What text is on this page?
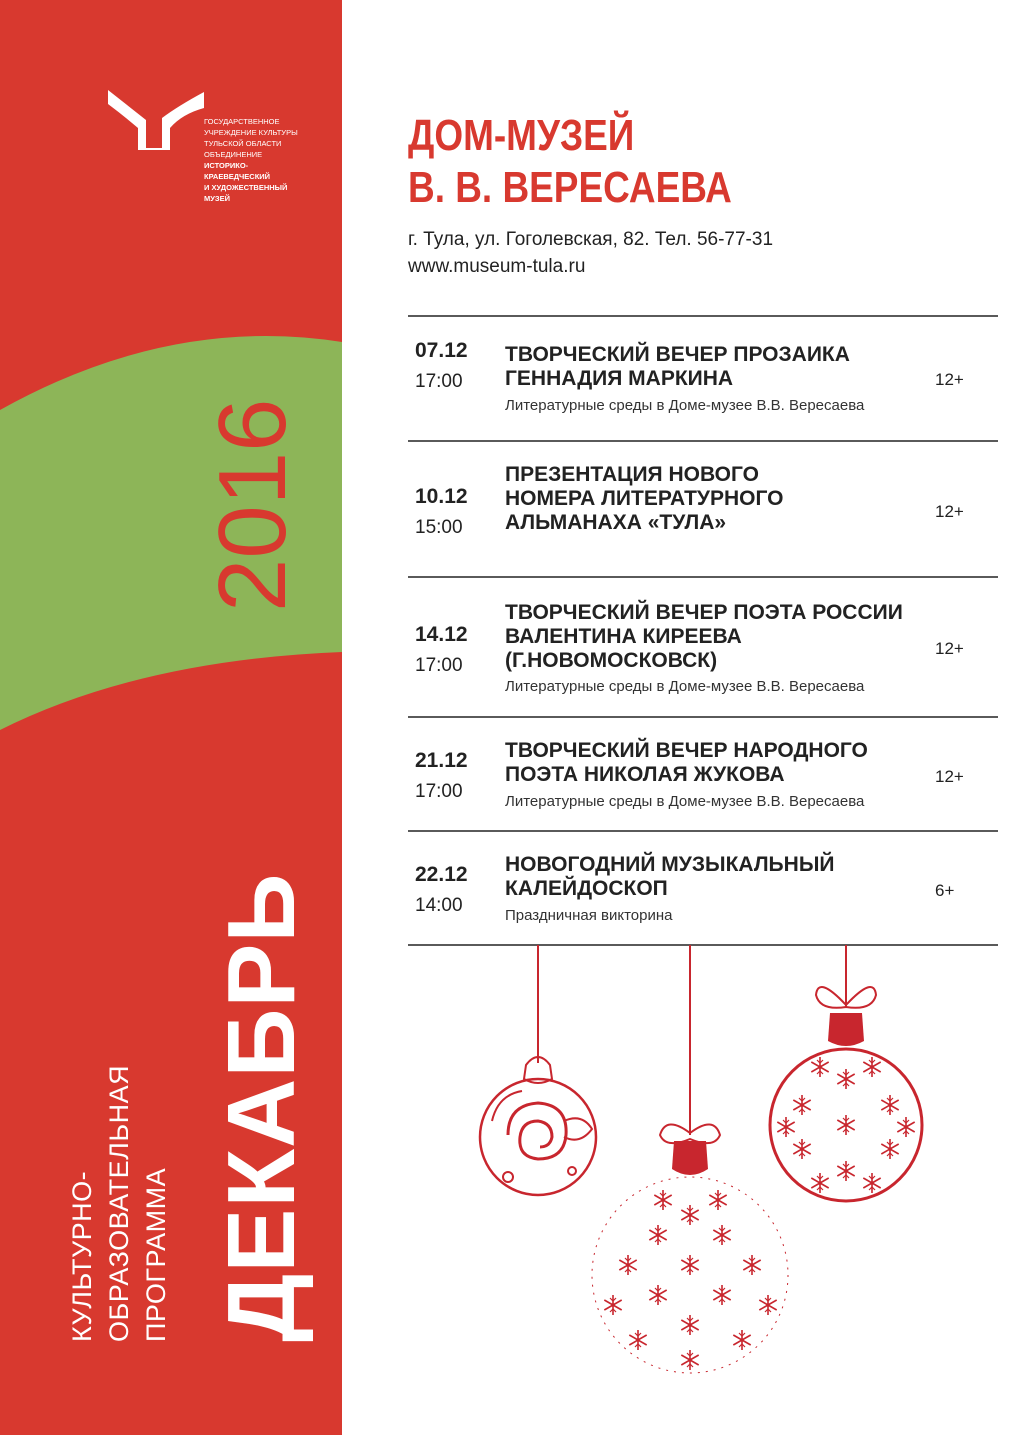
ГОСУДАРСТВЕННОЕ
УЧРЕЖДЕНИЕ КУЛЬТУРЫ
ТУЛЬСКОЙ ОБЛАСТИ
ОБЪЕДИНЕНИЕ
ИСТОРИКО-
КРАЕВЕДЧЕСКИЙ
И ХУДОЖЕСТВЕННЫЙ
МУЗЕЙ
2016
ДЕКАБРЬ
КУЛЬТУРНО- ОБРАЗОВАТЕЛЬНАЯ ПРОГРАММА
ДОМ-МУЗЕЙ
В. В. ВЕРЕСАЕВА
г. Тула, ул. Гоголевская, 82. Тел. 56-77-31
www.museum-tula.ru
07.12
17:00
ТВОРЧЕСКИЙ ВЕЧЕР ПРОЗАИКА
ГЕННАДИЯ МАРКИНА
Литературные среды в Доме-музее В.В. Вересаева
12+
10.12
15:00
ПРЕЗЕНТАЦИЯ НОВОГО
НОМЕРА ЛИТЕРАТУРНОГО
АЛЬМАНАХА «ТУЛА»	12+
14.12
17:00
ТВОРЧЕСКИЙ ВЕЧЕР ПОЭТА РОССИИ
ВАЛЕНТИНА КИРЕЕВА
(Г.НОВОМОСКОВСК)
Литературные среды в Доме-музее В.В. Вересаева
12+
21.12
17:00
ТВОРЧЕСКИЙ ВЕЧЕР НАРОДНОГО
ПОЭТА НИКОЛАЯ ЖУКОВА
Литературные среды в Доме-музее В.В. Вересаева
12+
22.12
14:00
НОВОГОДНИЙ МУЗЫКАЛЬНЫЙ
КАЛЕЙДОСКОП
Праздничная викторина
6+
